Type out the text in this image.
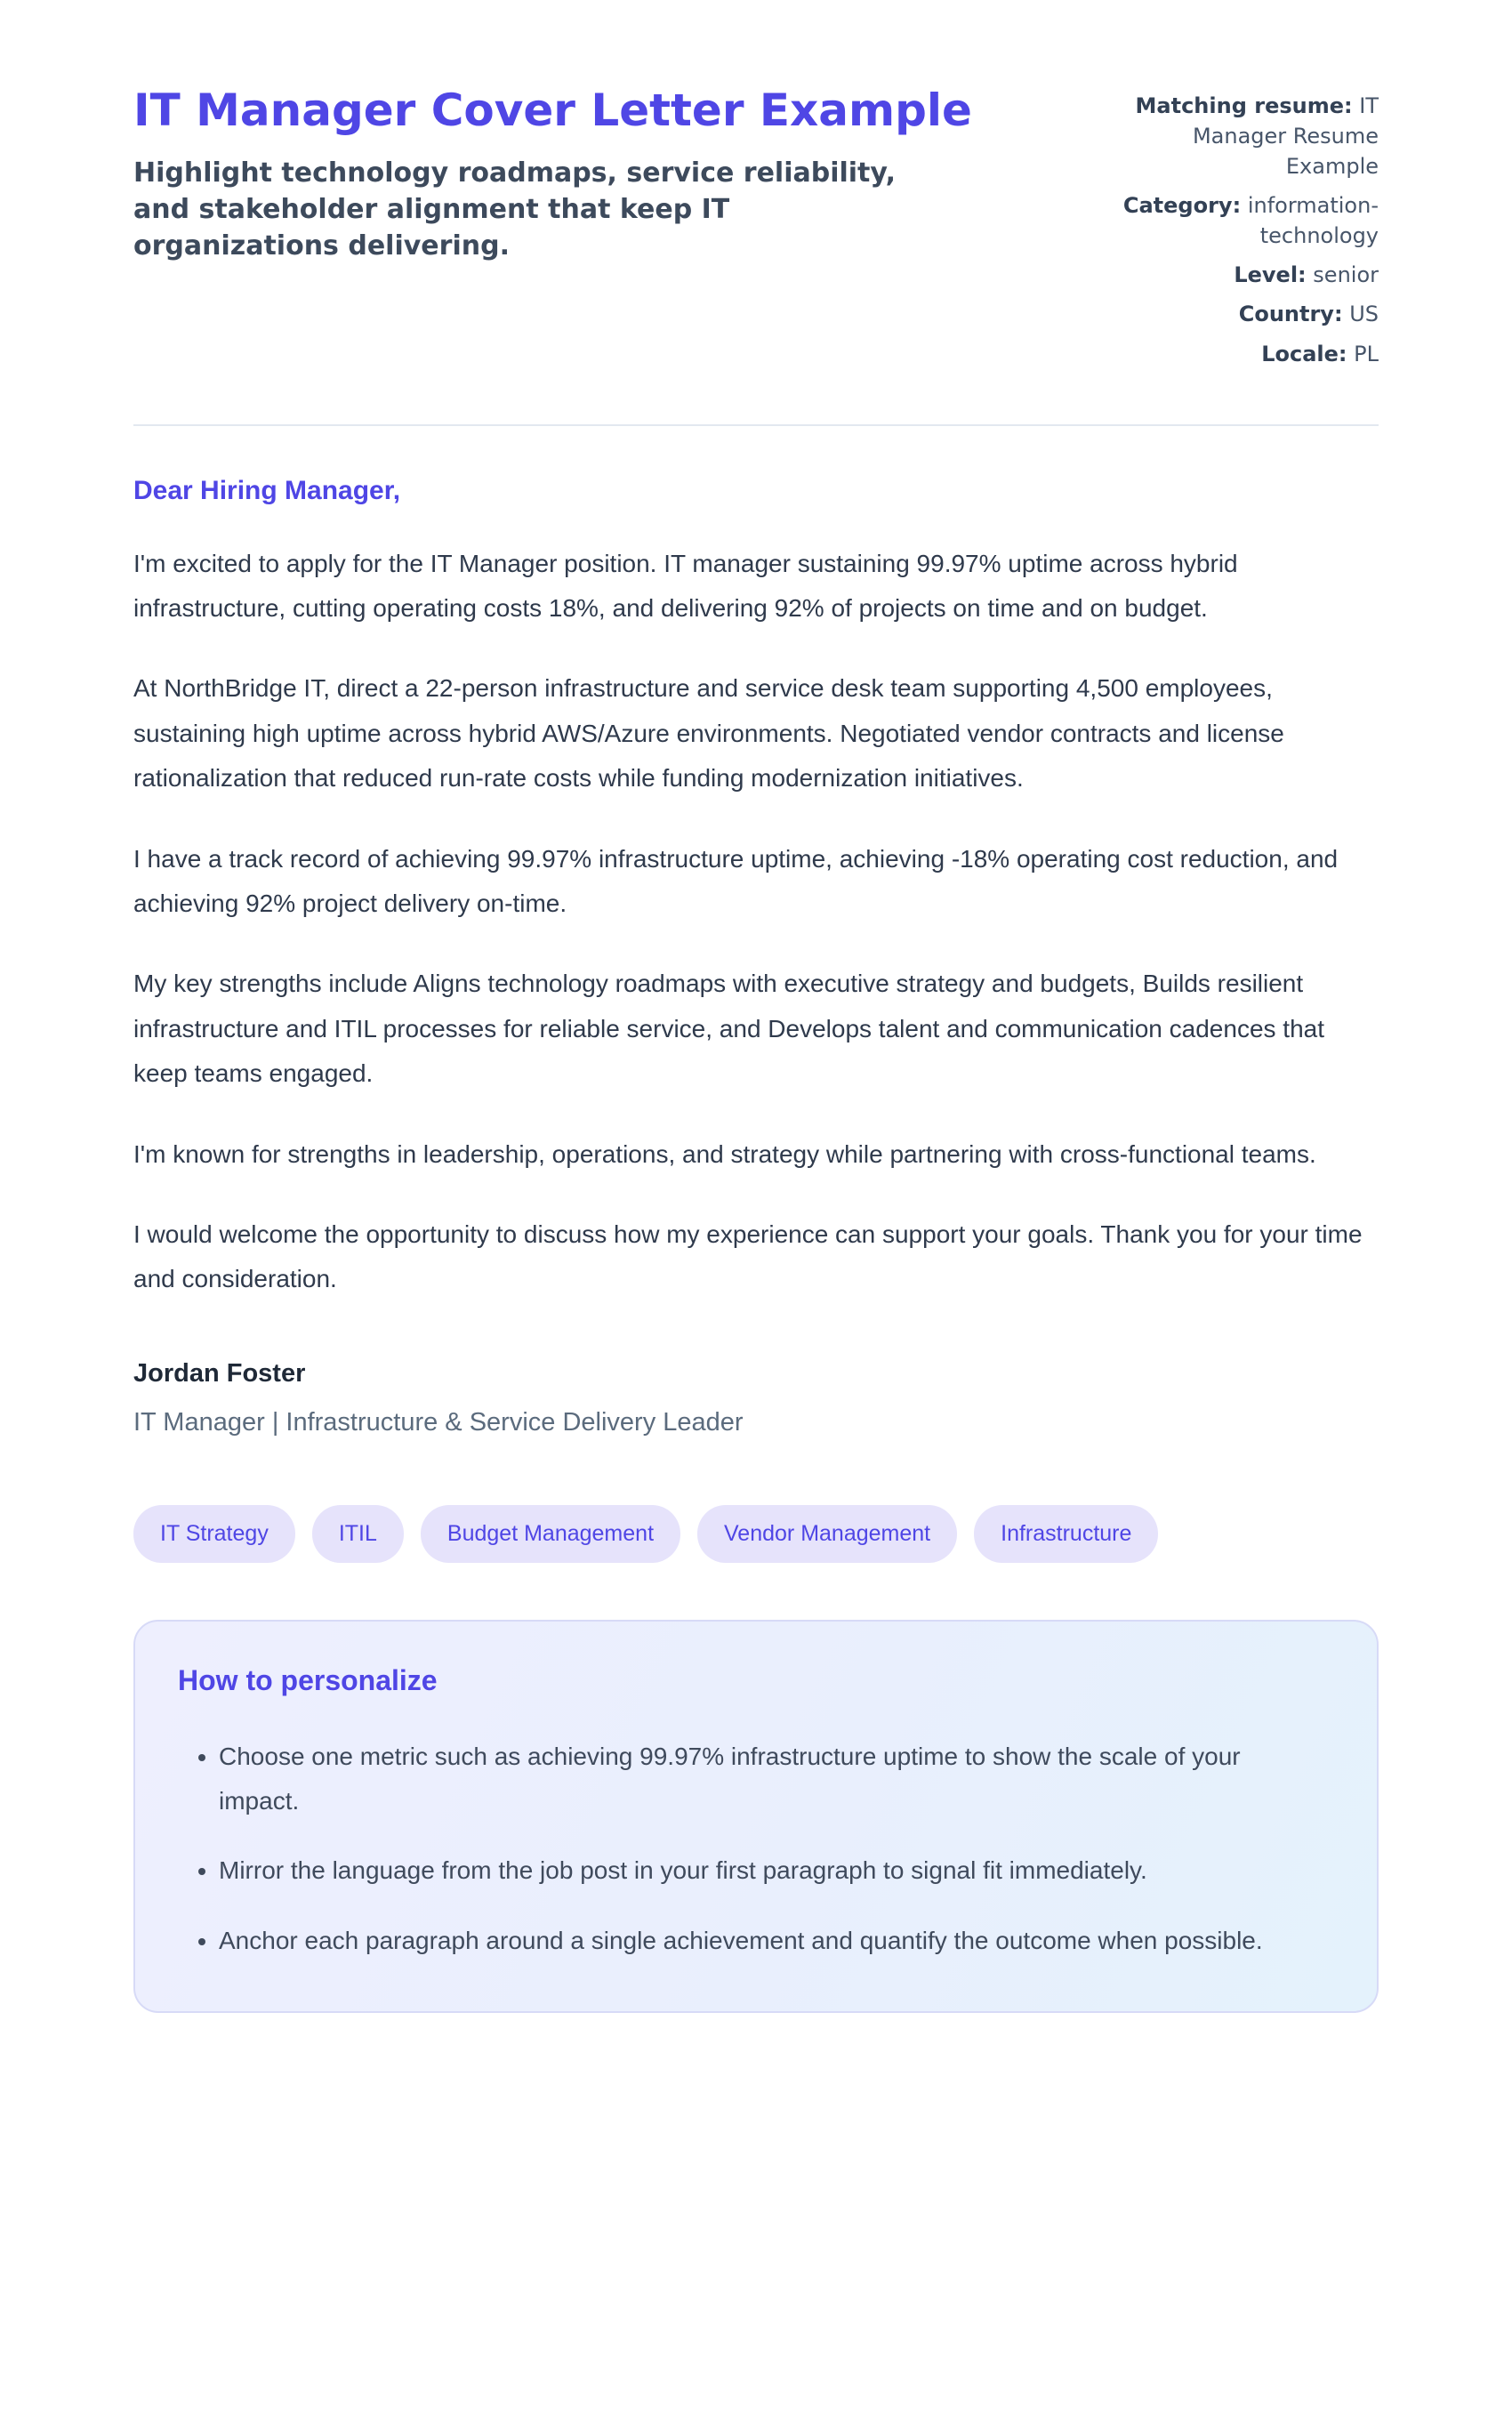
IT Manager Cover Letter Example

Highlight technology roadmaps, service reliability, and stakeholder alignment that keep IT organizations delivering.

Matching resume: IT Manager Resume Example
Category: information-technology
Level: senior
Country: US
Locale: PL

Dear Hiring Manager,

I'm excited to apply for the IT Manager position. IT manager sustaining 99.97% uptime across hybrid infrastructure, cutting operating costs 18%, and delivering 92% of projects on time and on budget.

At NorthBridge IT, direct a 22-person infrastructure and service desk team supporting 4,500 employees, sustaining high uptime across hybrid AWS/Azure environments. Negotiated vendor contracts and license rationalization that reduced run-rate costs while funding modernization initiatives.

I have a track record of achieving 99.97% infrastructure uptime, achieving -18% operating cost reduction, and achieving 92% project delivery on-time.

My key strengths include Aligns technology roadmaps with executive strategy and budgets, Builds resilient infrastructure and ITIL processes for reliable service, and Develops talent and communication cadences that keep teams engaged.

I'm known for strengths in leadership, operations, and strategy while partnering with cross-functional teams.

I would welcome the opportunity to discuss how my experience can support your goals. Thank you for your time and consideration.

Jordan Foster

IT Manager | Infrastructure & Service Delivery Leader

IT Strategy	ITIL	Budget Management	Vendor Management	Infrastructure
How to personalize
• Choose one metric such as achieving 99.97% infrastructure uptime to show the scale of your impact.
• Mirror the language from the job post in your first paragraph to signal fit immediately.
• Anchor each paragraph around a single achievement and quantify the outcome when possible.
